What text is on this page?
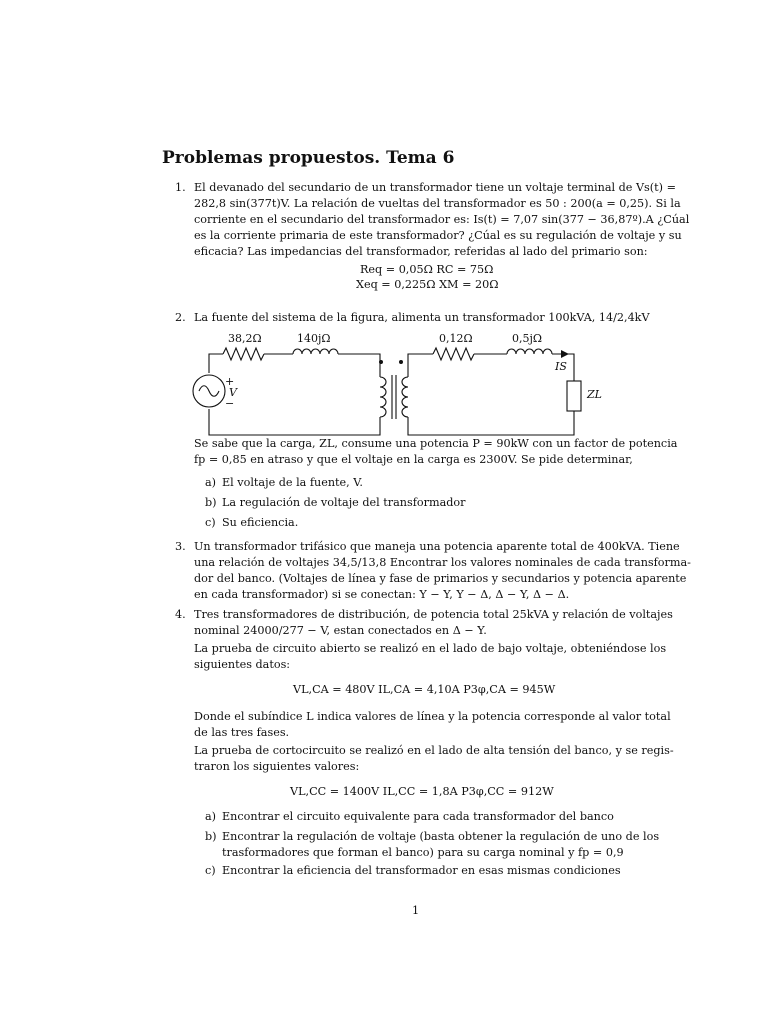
Problemas propuestos. Tema 6
1. El devanado del secundario de un transformador tiene un voltaje terminal de Vs(t) =
282,8 sin(377t)V. La relación de vueltas del transformador es 50 : 200(a = 0,25). Si la
corriente en el secundario del transformador es: Is(t) = 7,07 sin(377 − 36,87º).A ¿Cúal
es la corriente primaria de este transformador? ¿Cúal es su regulación de voltaje y su
eficacia? Las impedancias del transformador, referidas al lado del primario son:
Req = 0,05Ω RC = 75Ω
Xeq = 0,225Ω XM = 20Ω
2. La fuente del sistema de la figura, alimenta un transformador 100kVA, 14/2,4kV
38,2Ω	140jΩ	0,12Ω	0,5jΩ
IS
ZL
V
+
−
Se sabe que la carga, ZL, consume una potencia P = 90kW con un factor de potencia
fp = 0,85 en atraso y que el voltaje en la carga es 2300V. Se pide determinar,
a) El voltaje de la fuente, V.
b) La regulación de voltaje del transformador
c) Su eficiencia.
3. Un transformador trifásico que maneja una potencia aparente total de 400kVA. Tiene
una relación de voltajes 34,5/13,8 Encontrar los valores nominales de cada transforma-
dor del banco. (Voltajes de línea y fase de primarios y secundarios y potencia aparente
en cada transformador) si se conectan: Y − Y, Y − Δ, Δ − Y, Δ − Δ.
4. Tres transformadores de distribución, de potencia total 25kVA y relación de voltajes
nominal 24000/277 − V, estan conectados en Δ − Y.
La prueba de circuito abierto se realizó en el lado de bajo voltaje, obteniéndose los
siguientes datos:
VL,CA = 480V IL,CA = 4,10A P3φ,CA = 945W
Donde el subíndice L indica valores de línea y la potencia corresponde al valor total
de las tres fases.
La prueba de cortocircuito se realizó en el lado de alta tensión del banco, y se regis-
traron los siguientes valores:
VL,CC = 1400V IL,CC = 1,8A P3φ,CC = 912W
a) Encontrar el circuito equivalente para cada transformador del banco
b) Encontrar la regulación de voltaje (basta obtener la regulación de uno de los
trasformadores que forman el banco) para su carga nominal y fp = 0,9
c) Encontrar la eficiencia del transformador en esas mismas condiciones
1
